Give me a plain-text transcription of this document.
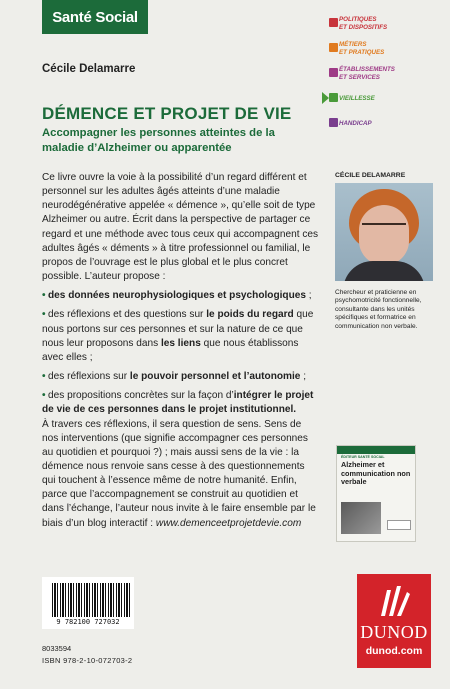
Santé Social
Cécile Delamarre
DÉMENCE ET PROJET DE VIE
Accompagner les personnes atteintes de la maladie d’Alzheimer ou apparentée
POLITIQUES
ET DISPOSITIFS
MÉTIERS
ET PRATIQUES
ÉTABLISSEMENTS
ET SERVICES
VIEILLESSE
HANDICAP

Ce livre ouvre la voie à la possibilité d’un regard différent et personnel sur les adultes âgés atteints d’une maladie neurodégénérative appelée « démence », qu’elle soit de type Alzheimer ou autre. Écrit dans la perspective de partager ce regard et une méthode avec tous ceux qui accompagnent ces adultes âgés « déments » à titre professionnel ou familial, le propos de l’ouvrage est le plus global et le plus concret possible. L’auteur propose :

• des données neurophysiologiques et psychologiques ;
• des réflexions et des questions sur le poids du regard que nous portons sur ces personnes et sur la nature de ce que nous leur proposons dans les liens que nous établissons avec elles ;
• des réflexions sur le pouvoir personnel et l’autonomie ;
• des propositions concrètes sur la façon d’intégrer le projet de vie de ces personnes dans le projet institutionnel.

À travers ces réflexions, il sera question de sens. Sens de nos interventions (que signifie accompagner ces personnes au quotidien et pourquoi ?) ; mais aussi sens de la vie : la démence nous renvoie sans cesse à des questionnements qui touchent à l’essence même de notre humanité. Enfin, parce que l’accompagnement se construit au quotidien et dans l’échange, l’auteur nous invite à le faire ensemble par le biais d’un blog interactif : www.demenceetprojetdevie.com

CÉCILE DELAMARRE
Chercheur et praticienne en psychomotricité fonctionnelle, consultante dans les unités spécifiques et formatrice en communication non verbale.
ÉDITEUR SANTÉ SOCIAL
Alzheimer et communication non verbale
9 782100 727032
8033594
ISBN 978-2-10-072703-2
DUNOD
dunod.com
